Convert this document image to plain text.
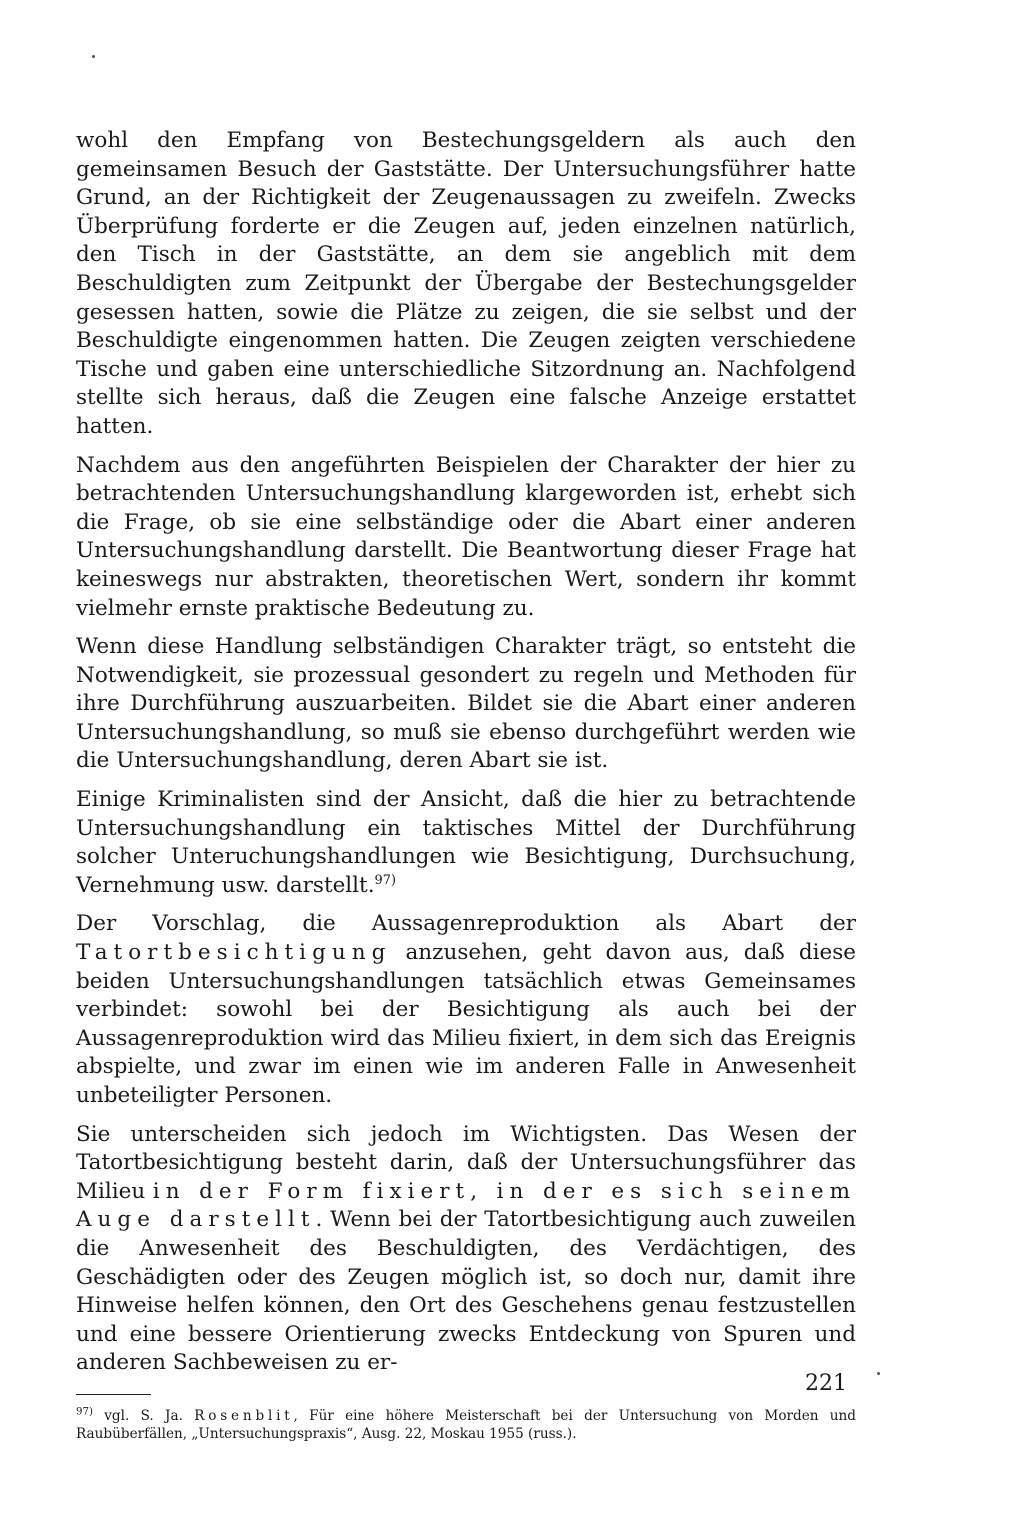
wohl den Empfang von Bestechungsgeldern als auch den gemeinsamen Besuch der Gaststätte. Der Untersuchungsführer hatte Grund, an der Richtigkeit der Zeugenaussagen zu zweifeln. Zwecks Überprüfung forderte er die Zeugen auf, jeden einzelnen natürlich, den Tisch in der Gaststätte, an dem sie angeblich mit dem Beschuldigten zum Zeitpunkt der Übergabe der Bestechungsgelder gesessen hatten, sowie die Plätze zu zeigen, die sie selbst und der Beschuldigte eingenommen hatten. Die Zeugen zeigten verschiedene Tische und gaben eine unterschiedliche Sitzordnung an. Nachfolgend stellte sich heraus, daß die Zeugen eine falsche Anzeige erstattet hatten.

Nachdem aus den angeführten Beispielen der Charakter der hier zu betrachtenden Untersuchungshandlung klargeworden ist, erhebt sich die Frage, ob sie eine selbständige oder die Abart einer anderen Untersuchungshandlung darstellt. Die Beantwortung dieser Frage hat keineswegs nur abstrakten, theoretischen Wert, sondern ihr kommt vielmehr ernste praktische Bedeutung zu.

Wenn diese Handlung selbständigen Charakter trägt, so entsteht die Notwendigkeit, sie prozessual gesondert zu regeln und Methoden für ihre Durchführung auszuarbeiten. Bildet sie die Abart einer anderen Untersuchungshandlung, so muß sie ebenso durchgeführt werden wie die Untersuchungshandlung, deren Abart sie ist.

Einige Kriminalisten sind der Ansicht, daß die hier zu betrachtende Untersuchungshandlung ein taktisches Mittel der Durchführung solcher Unteruchungshandlungen wie Besichtigung, Durchsuchung, Vernehmung usw. darstellt.$^{97)}$

Der Vorschlag, die Aussagenreproduktion als Abart der Tatortbesichtigung anzusehen, geht davon aus, daß diese beiden Untersuchungshandlungen tatsächlich etwas Gemeinsames verbindet: sowohl bei der Besichtigung als auch bei der Aussagenreproduktion wird das Milieu fixiert, in dem sich das Ereignis abspielte, und zwar im einen wie im anderen Falle in Anwesenheit unbeteiligter Personen.

Sie unterscheiden sich jedoch im Wichtigsten. Das Wesen der Tatortbesichtigung besteht darin, daß der Untersuchungsführer das Milieu in der Form fixiert, in der es sich seinem Auge darstellt. Wenn bei der Tatortbesichtigung auch zuweilen die Anwesenheit des Beschuldigten, des Verdächtigen, des Geschädigten oder des Zeugen möglich ist, so doch nur, damit ihre Hinweise helfen können, den Ort des Geschehens genau festzustellen und eine bessere Orientierung zwecks Entdeckung von Spuren und anderen Sachbeweisen zu er-

$^{97)}$ vgl. S. Ja. Rosenblit, Für eine höhere Meisterschaft bei der Untersuchung von Morden und Raubüberfällen, „Untersuchungspraxis“, Ausg. 22, Moskau 1955 (russ.).

221
